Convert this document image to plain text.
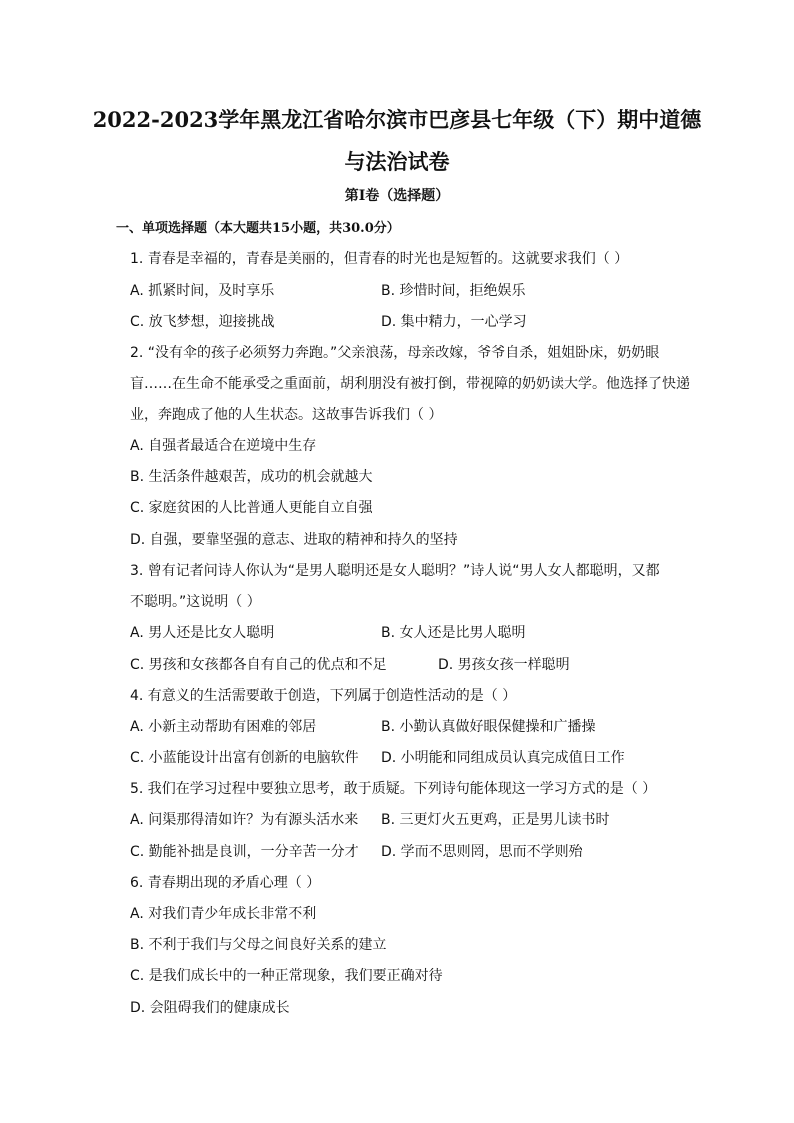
2022-2023学年黑龙江省哈尔滨市巴彦县七年级（下）期中道德
与法治试卷
第I卷（选择题）
一、单项选择题（本大题共15小题，共30.0分）
1. 青春是幸福的，青春是美丽的，但青春的时光也是短暂的。这就要求我们（ ）
A. 抓紧时间，及时享乐	B. 珍惜时间，拒绝娱乐
C. 放飞梦想，迎接挑战	D. 集中精力，一心学习
2. “没有伞的孩子必须努力奔跑。”父亲浪荡，母亲改嫁，爷爷自杀，姐姐卧床，奶奶眼
盲……在生命不能承受之重面前，胡利朋没有被打倒，带视障的奶奶读大学。他选择了快递
业，奔跑成了他的人生状态。这故事告诉我们（ ）
A. 自强者最适合在逆境中生存
B. 生活条件越艰苦，成功的机会就越大
C. 家庭贫困的人比普通人更能自立自强
D. 自强，要靠坚强的意志、进取的精神和持久的坚持
3. 曾有记者问诗人你认为“是男人聪明还是女人聪明？”诗人说“男人女人都聪明，又都
不聪明。”这说明（ ）
A. 男人还是比女人聪明	B. 女人还是比男人聪明
C. 男孩和女孩都各自有自己的优点和不足	D. 男孩女孩一样聪明
4. 有意义的生活需要敢于创造，下列属于创造性活动的是（ ）
A. 小新主动帮助有困难的邻居	B. 小勤认真做好眼保健操和广播操
C. 小蓝能设计出富有创新的电脑软件 D. 小明能和同组成员认真完成值日工作
5. 我们在学习过程中要独立思考，敢于质疑。下列诗句能体现这一学习方式的是（ ）
A. 问渠那得清如许？为有源头活水来 B. 三更灯火五更鸡，正是男儿读书时
C. 勤能补拙是良训，一分辛苦一分才 D. 学而不思则罔，思而不学则殆
6. 青春期出现的矛盾心理（ ）
A. 对我们青少年成长非常不利
B. 不利于我们与父母之间良好关系的建立
C. 是我们成长中的一种正常现象，我们要正确对待
D. 会阻碍我们的健康成长
